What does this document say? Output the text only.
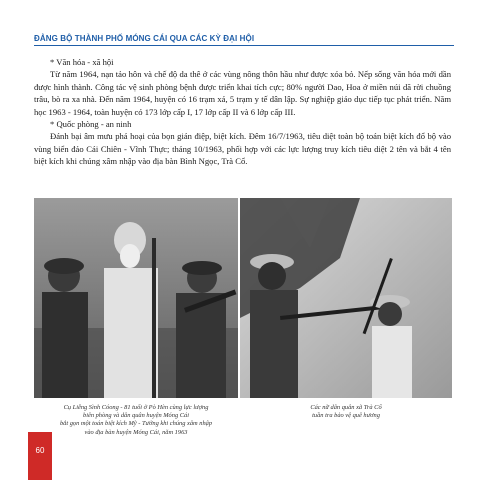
ĐẢNG BỘ THÀNH PHỐ MÓNG CÁI QUA CÁC KỲ ĐẠI HỘI

* Văn hóa - xã hội

Từ năm 1964, nạn tảo hôn và chế độ da thê ở các vùng nông thôn hầu như được xóa bỏ. Nếp sống văn hóa mới dần được hình thành. Công tác vệ sinh phòng bệnh được triển khai tích cực; 80% người Dao, Hoa ở miền núi dã rời chuồng trâu, bò ra xa nhà. Đến năm 1964, huyện có 16 trạm xá, 5 trạm y tế dân lập. Sự nghiệp giáo dục tiếp tục phát triển. Năm học 1963 - 1964, toàn huyện có 173 lớp cấp I, 17 lớp cấp II và 6 lớp cấp III.

* Quốc phòng - an ninh

Đánh bại âm mưu phá hoại của bọn gián điệp, biệt kích. Đêm 16/7/1963, tiêu diệt toàn bộ toán biệt kích đổ bộ vào vùng biển đảo Cái Chiên - Vĩnh Thực; tháng 10/1963, phối hợp với các lực lượng truy kích tiêu diệt 2 tên và bắt 4 tên biệt kích khi chúng xâm nhập vào địa bàn Bình Ngọc, Trà Cổ.

Cụ Liễng Sình Cóong - 81 tuổi ở Pò Hèn cùng lực lượng
biên phòng và dân quân huyện Móng Cái
bắt gọn một toán biệt kích Mỹ - Tưởng khi chúng xâm nhập
vào địa bàn huyện Móng Cái, năm 1963
Các nữ dân quân xã Trà Cổ
tuần tra bảo vệ quê hương
60
